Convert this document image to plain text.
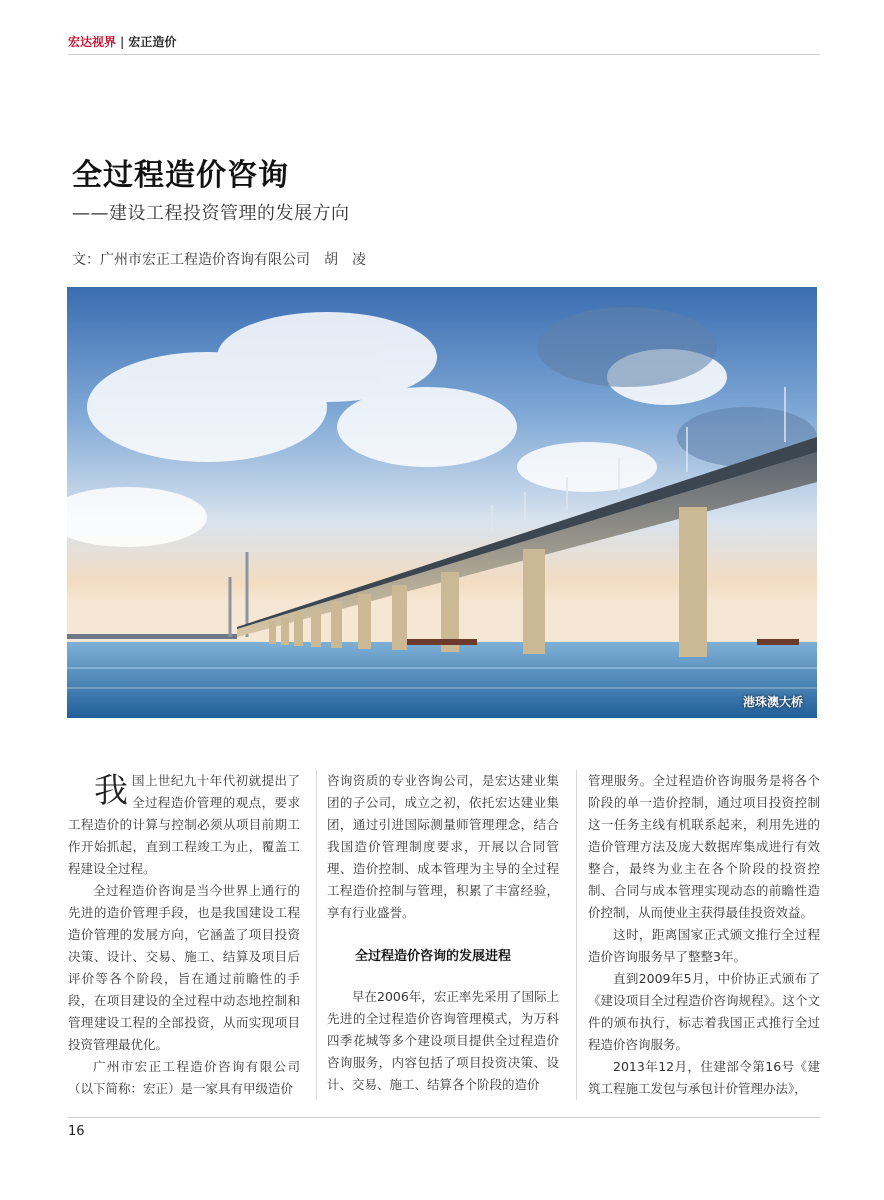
宏达视界 | 宏正造价
全过程造价咨询
——建设工程投资管理的发展方向
文：广州市宏正工程造价咨询有限公司　胡　凌
港珠澳大桥

我国上世纪九十年代初就提出了全过程造价管理的观点，要求工程造价的计算与控制必须从项目前期工作开始抓起，直到工程竣工为止，覆盖工程建设全过程。

全过程造价咨询是当今世界上通行的先进的造价管理手段，也是我国建设工程造价管理的发展方向，它涵盖了项目投资决策、设计、交易、施工、结算及项目后评价等各个阶段，旨在通过前瞻性的手段，在项目建设的全过程中动态地控制和管理建设工程的全部投资，从而实现项目投资管理最优化。

广州市宏正工程造价咨询有限公司（以下简称：宏正）是一家具有甲级造价

咨询资质的专业咨询公司，是宏达建业集团的子公司，成立之初，依托宏达建业集团，通过引进国际测量师管理理念，结合我国造价管理制度要求，开展以合同管理、造价控制、成本管理为主导的全过程工程造价控制与管理，积累了丰富经验，享有行业盛誉。

全过程造价咨询的发展进程

早在2006年，宏正率先采用了国际上先进的全过程造价咨询管理模式，为万科四季花城等多个建设项目提供全过程造价咨询服务，内容包括了项目投资决策、设计、交易、施工、结算各个阶段的造价

管理服务。全过程造价咨询服务是将各个阶段的单一造价控制，通过项目投资控制这一任务主线有机联系起来，利用先进的造价管理方法及庞大数据库集成进行有效整合，最终为业主在各个阶段的投资控制、合同与成本管理实现动态的前瞻性造价控制，从而使业主获得最佳投资效益。

这时，距离国家正式颁文推行全过程造价咨询服务早了整整3年。

直到2009年5月，中价协正式颁布了《建设项目全过程造价咨询规程》。这个文件的颁布执行，标志着我国正式推行全过程造价咨询服务。

2013年12月，住建部令第16号《建筑工程施工发包与承包计价管理办法》，

16
